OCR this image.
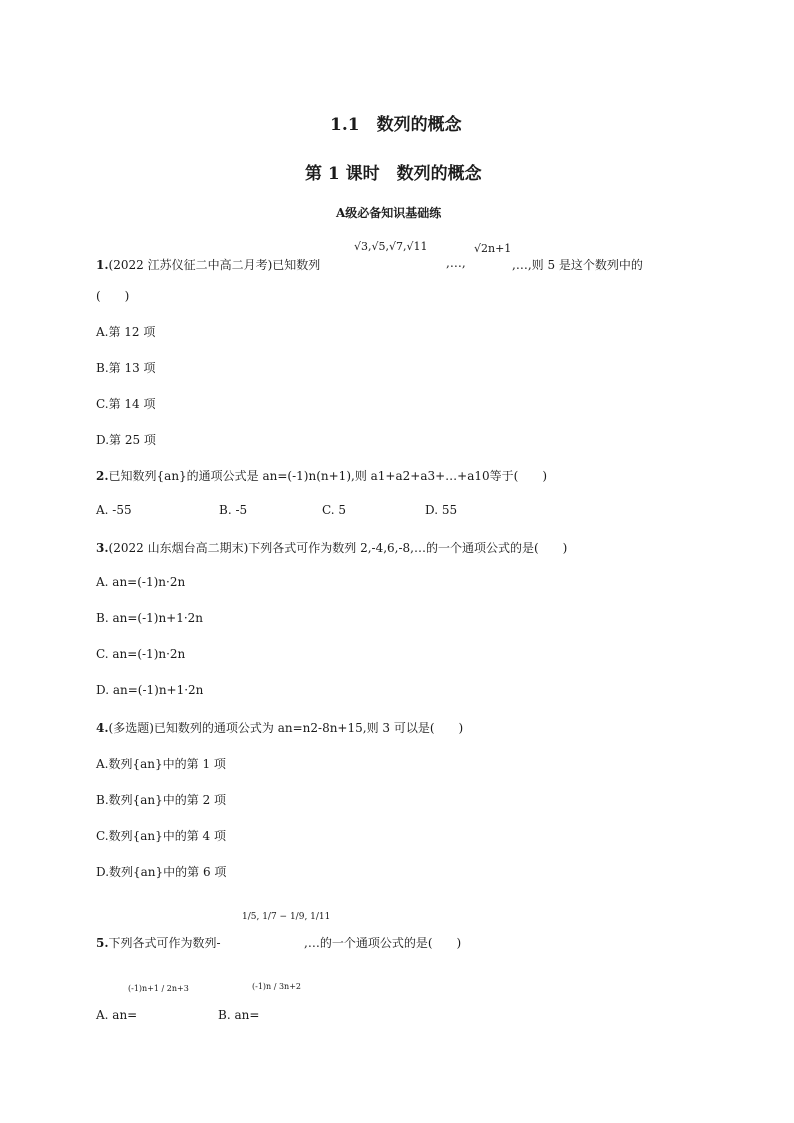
1.1　数列的概念
第 1 课时　数列的概念
A级必备知识基础练
1.(2022 江苏仪征二中高二月考)已知数列
√3,√5,√7,√11
,…,
√2n+1
,…,则 5 是这个数列中的
(　　)
A.第 12 项
B.第 13 项
C.第 14 项
D.第 25 项
2.已知数列{an}的通项公式是 an=(-1)n(n+1),则 a1+a2+a3+…+a10等于(　　)
A. -55	B. -5	C. 5	D. 55
3.(2022 山东烟台高二期末)下列各式可作为数列 2,-4,6,-8,…的一个通项公式的是(　　)
A. an=(-1)n·2n
B. an=(-1)n+1·2n
C. an=(-1)n·2n
D. an=(-1)n+1·2n
4.(多选题)已知数列的通项公式为 an=n2-8n+15,则 3 可以是(　　)
A.数列{an}中的第 1 项
B.数列{an}中的第 2 项
C.数列{an}中的第 4 项
D.数列{an}中的第 6 项
5.下列各式可作为数列-
1/5, 1/7 − 1/9, 1/11
,…的一个通项公式的是(　　)
A. an=
(-1)n+1 / 2n+3
B. an=
(-1)n / 3n+2
